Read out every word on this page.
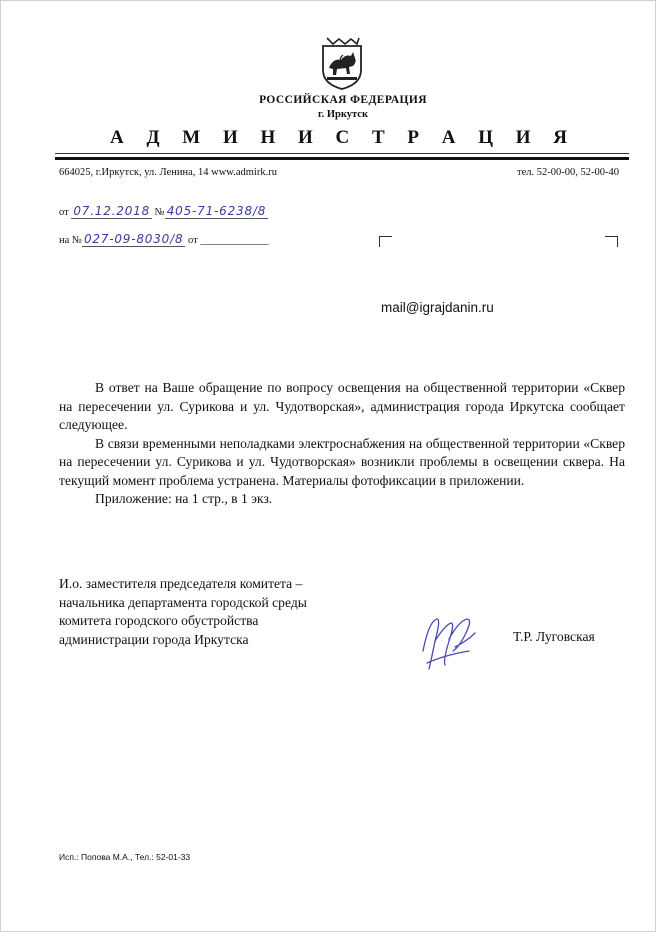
РОССИЙСКАЯ ФЕДЕРАЦИЯ
г. Иркутск
А Д М И Н И С Т Р А Ц И Я
664025, г.Иркутск, ул. Ленина, 14 www.admirk.ru	тел. 52-00-00, 52-00-40
от 07.12.2018 № 405-71-6238/8
на № 027-09-8030/8 от _____________
mail@igrajdanin.ru

В ответ на Ваше обращение по вопросу освещения на общественной территории «Сквер на пересечении ул. Сурикова и ул. Чудотворская», администрация города Иркутска сообщает следующее.

В связи временными неполадками электроснабжения на общественной территории «Сквер на пересечении ул. Сурикова и ул. Чудотворская» возникли проблемы в освещении сквера. На текущий момент проблема устранена. Материалы фотофиксации в приложении.

Приложение: на 1 стр., в 1 экз.

И.о. заместителя председателя комитета –
начальника департамента городской среды
комитета городского обустройства
администрации города Иркутска	Т.Р. Луговская
Исп.: Попова М.А., Тел.: 52-01-33
